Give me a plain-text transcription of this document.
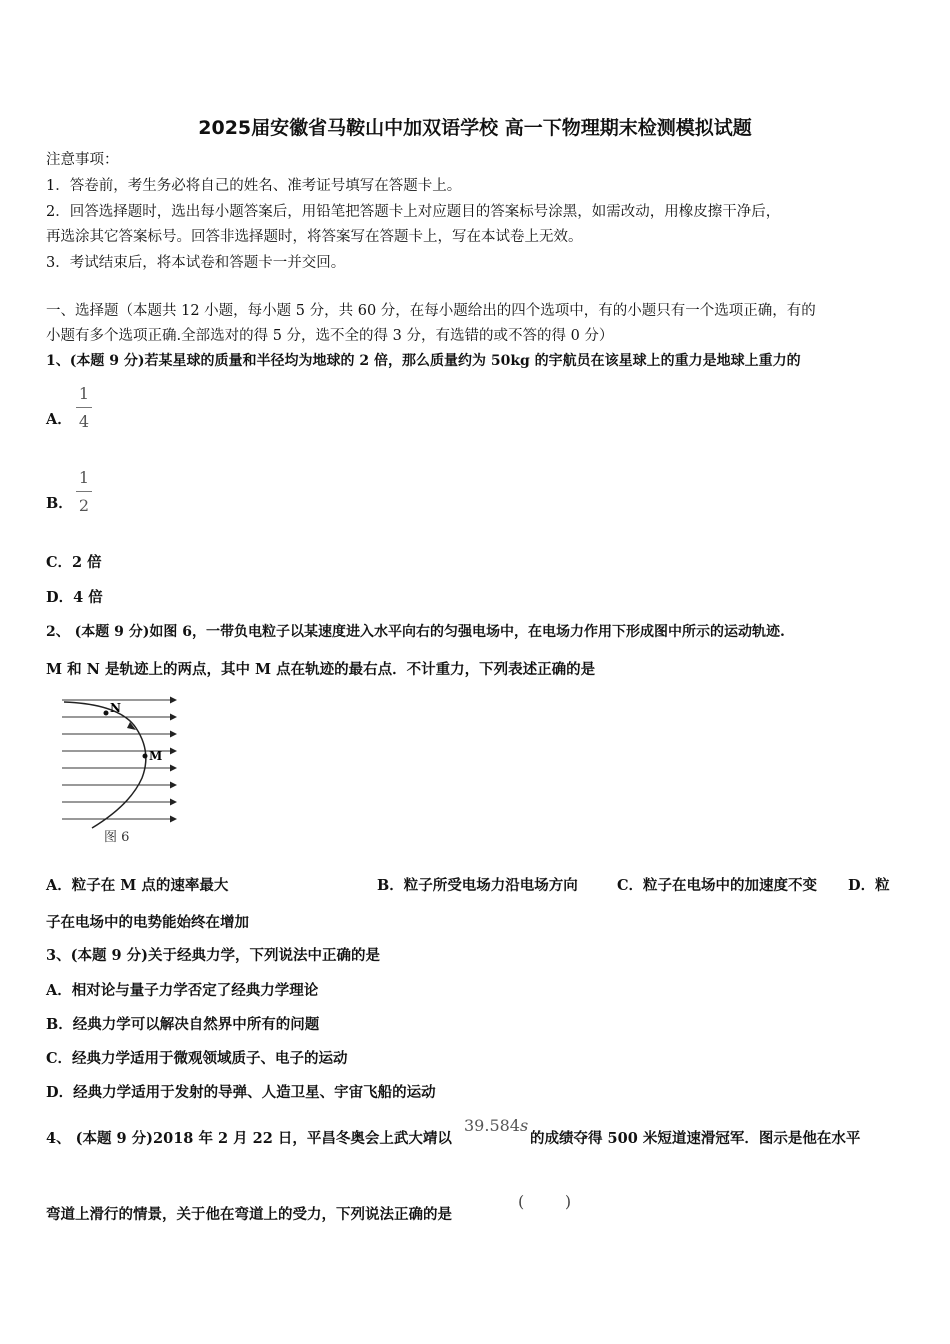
2025届安徽省马鞍山中加双语学校 高一下物理期末检测模拟试题
注意事项：
1．答卷前，考生务必将自己的姓名、准考证号填写在答题卡上。
2．回答选择题时，选出每小题答案后，用铅笔把答题卡上对应题目的答案标号涂黑，如需改动，用橡皮擦干净后，
再选涂其它答案标号。回答非选择题时，将答案写在答题卡上，写在本试卷上无效。
3．考试结束后，将本试卷和答题卡一并交回。
一、选择题（本题共 12 小题，每小题 5 分，共 60 分，在每小题给出的四个选项中，有的小题只有一个选项正确，有的
小题有多个选项正确.全部选对的得 5 分，选不全的得 3 分，有选错的或不答的得 0 分）
1、(本题 9 分)若某星球的质量和半径均为地球的 2 倍，那么质量约为 50kg 的宇航员在该星球上的重力是地球上重力的
A．
1
4
B．
1
2
C．2 倍
D．4 倍
2、 (本题 9 分)如图 6，一带负电粒子以某速度进入水平向右的匀强电场中，在电场力作用下形成图中所示的运动轨迹.
M 和 N 是轨迹上的两点，其中 M 点在轨迹的最右点．不计重力，下列表述正确的是
N
M
图 6
A．粒子在 M 点的速率最大	B．粒子所受电场力沿电场方向	C．粒子在电场中的加速度不变 D．粒
子在电场中的电势能始终在增加
3、(本题 9 分)关于经典力学，下列说法中正确的是
A．相对论与量子力学否定了经典力学理论
B．经典力学可以解决自然界中所有的问题
C．经典力学适用于微观领域质子、电子的运动
D．经典力学适用于发射的导弹、人造卫星、宇宙飞船的运动
4、 (本题 9 分)2018 年 2 月 22 日，平昌冬奥会上武大靖以
39.584s
的成绩夺得 500 米短道速滑冠军．图示是他在水平
弯道上滑行的情景，关于他在弯道上的受力，下列说法正确的是
(        )
